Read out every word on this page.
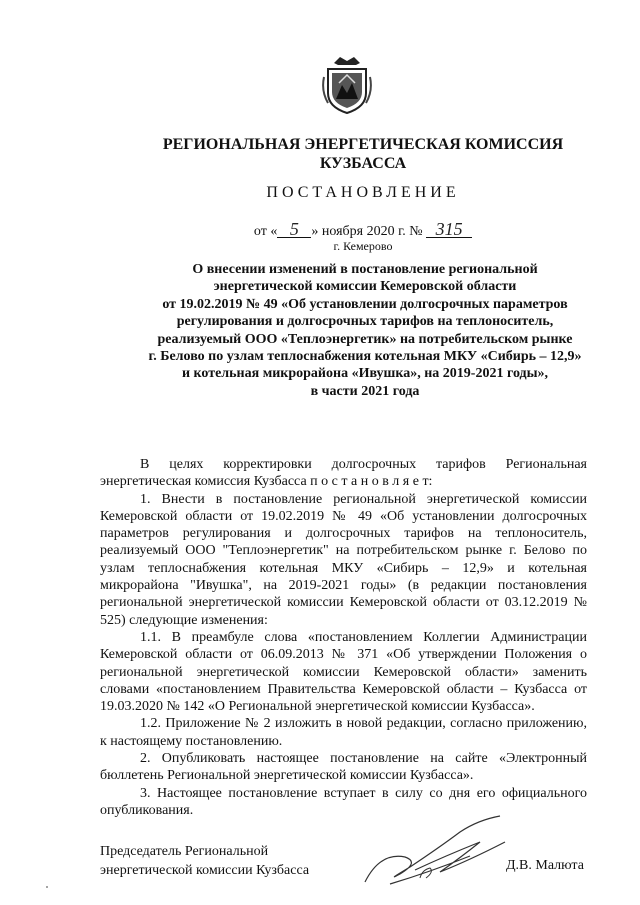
РЕГИОНАЛЬНАЯ ЭНЕРГЕТИЧЕСКАЯ КОМИССИЯ
КУЗБАССА
ПОСТАНОВЛЕНИЕ
от « 5 » ноября 2020 г. № 315
г. Кемерово
О внесении изменений в постановление региональной
энергетической комиссии Кемеровской области
от 19.02.2019 № 49 «Об установлении долгосрочных параметров
регулирования и долгосрочных тарифов на теплоноситель,
реализуемый ООО «Теплоэнергетик» на потребительском рынке
г. Белово по узлам теплоснабжения котельная МКУ «Сибирь – 12,9»
и котельная микрорайона «Ивушка», на 2019-2021 годы»,
в части 2021 года

В целях корректировки долгосрочных тарифов Региональная энергетическая комиссия Кузбасса п о с т а н о в л я е т:

1. Внести в постановление региональной энергетической комиссии Кемеровской области от 19.02.2019 № 49 «Об установлении долгосрочных параметров регулирования и долгосрочных тарифов на теплоноситель, реализуемый ООО "Теплоэнергетик" на потребительском рынке г. Белово по узлам теплоснабжения котельная МКУ «Сибирь – 12,9» и котельная микрорайона "Ивушка", на 2019-2021 годы» (в редакции постановления региональной энергетической комиссии Кемеровской области от 03.12.2019 № 525) следующие изменения:

1.1. В преамбуле слова «постановлением Коллегии Администрации Кемеровской области от 06.09.2013 № 371 «Об утверждении Положения о региональной энергетической комиссии Кемеровской области» заменить словами «постановлением Правительства Кемеровской области – Кузбасса от 19.03.2020 № 142 «О Региональной энергетической комиссии Кузбасса».

1.2. Приложение № 2 изложить в новой редакции, согласно приложению, к настоящему постановлению.

2. Опубликовать настоящее постановление на сайте «Электронный бюллетень Региональной энергетической комиссии Кузбасса».

3. Настоящее постановление вступает в силу со дня его официального опубликования.

Председатель Региональной
энергетической комиссии Кузбасса	Д.В. Малюта
